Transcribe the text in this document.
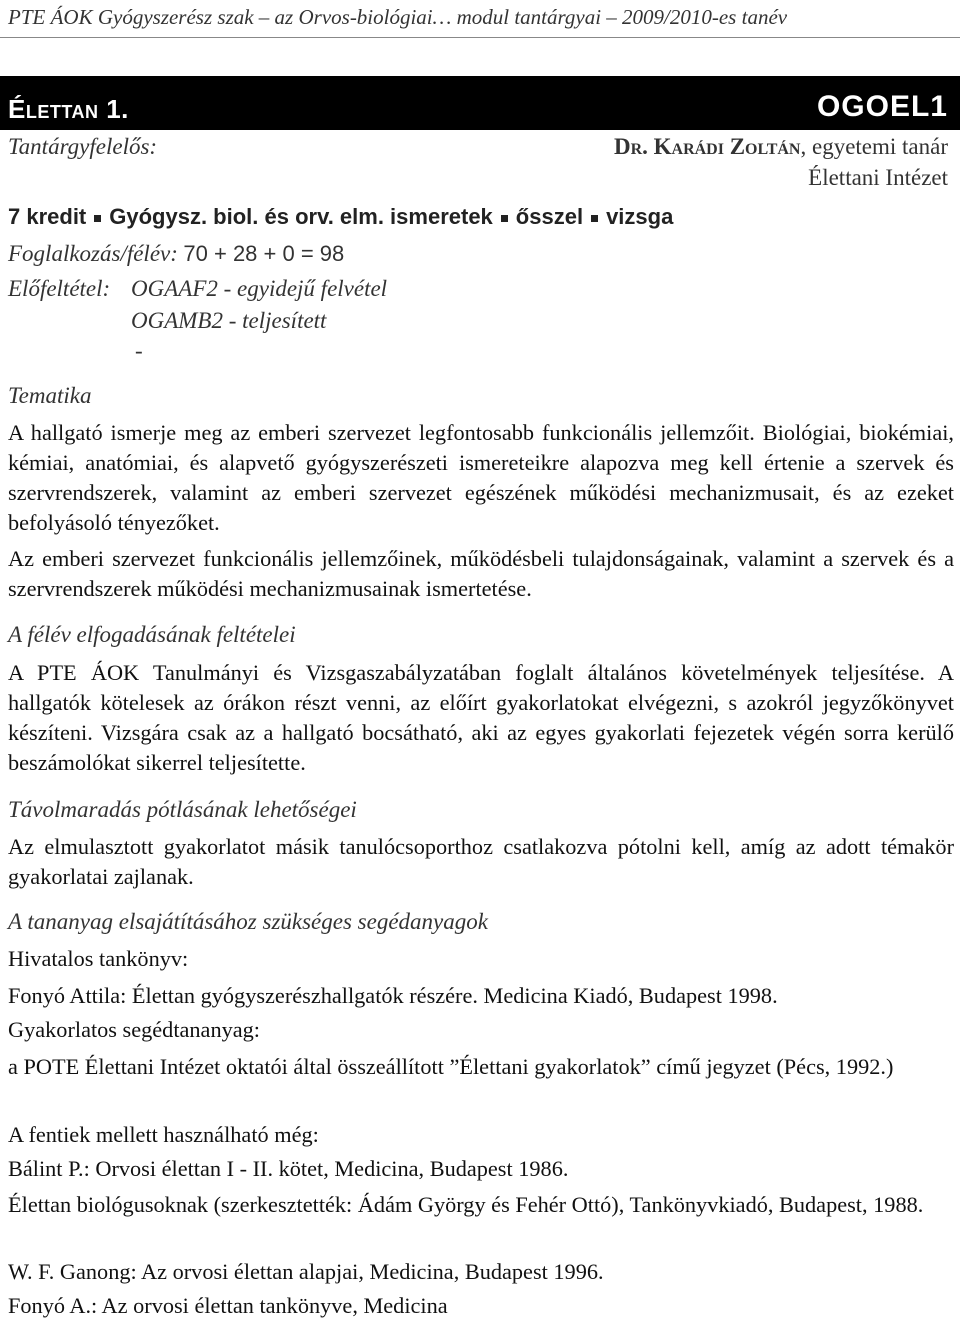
PTE ÁOK Gyógyszerész szak – az Orvos-biológiai… modul tantárgyai – 2009/2010-es tanév
Élettan 1.	OGOEL1
Tantárgyfelelős:	Dr. Karádi Zoltán, egyetemi tanár
Élettani Intézet
7 kredit Gyógysz. biol. és orv. elm. ismeretek ősszel vizsga
Foglalkozás/félév: 70 + 28 + 0 = 98
Előfeltétel: OGAAF2 - egyidejű felvétel
OGAMB2 - teljesített
-
Tematika
A hallgató ismerje meg az emberi szervezet legfontosabb funkcionális jellemzőit. Biológiai, biokémiai, kémiai, anatómiai, és alapvető gyógyszerészeti ismereteikre alapozva meg kell értenie a szervek és szervrendszerek, valamint az emberi szervezet egészének működési mechanizmusait, és az ezeket befolyásoló tényezőket.
Az emberi szervezet funkcionális jellemzőinek, működésbeli tulajdonságainak, valamint a szervek és a szervrendszerek működési mechanizmusainak ismertetése.
A félév elfogadásának feltételei
A PTE ÁOK Tanulmányi és Vizsgaszabályzatában foglalt általános követelmények teljesítése. A hallgatók kötelesek az órákon részt venni, az előírt gyakorlatokat elvégezni, s azokról jegyzőkönyvet készíteni. Vizsgára csak az a hallgató bocsátható, aki az egyes gyakorlati fejezetek végén sorra kerülő beszámolókat sikerrel teljesítette.
Távolmaradás pótlásának lehetőségei
Az elmulasztott gyakorlatot másik tanulócsoporthoz csatlakozva pótolni kell, amíg az adott témakör gyakorlatai zajlanak.
A tananyag elsajátításához szükséges segédanyagok
Hivatalos tankönyv:
Fonyó Attila: Élettan gyógyszerészhallgatók részére. Medicina Kiadó, Budapest 1998.
Gyakorlatos segédtananyag:
a POTE Élettani Intézet oktatói által összeállított ”Élettani gyakorlatok” című jegyzet (Pécs, 1992.)
A fentiek mellett használható még:
Bálint P.: Orvosi élettan I - II. kötet, Medicina, Budapest 1986.
Élettan biológusoknak (szerkesztették: Ádám György és Fehér Ottó), Tankönyvkiadó, Budapest, 1988.
W. F. Ganong: Az orvosi élettan alapjai, Medicina, Budapest 1996.
Fonyó A.: Az orvosi élettan tankönyve, Medicina
